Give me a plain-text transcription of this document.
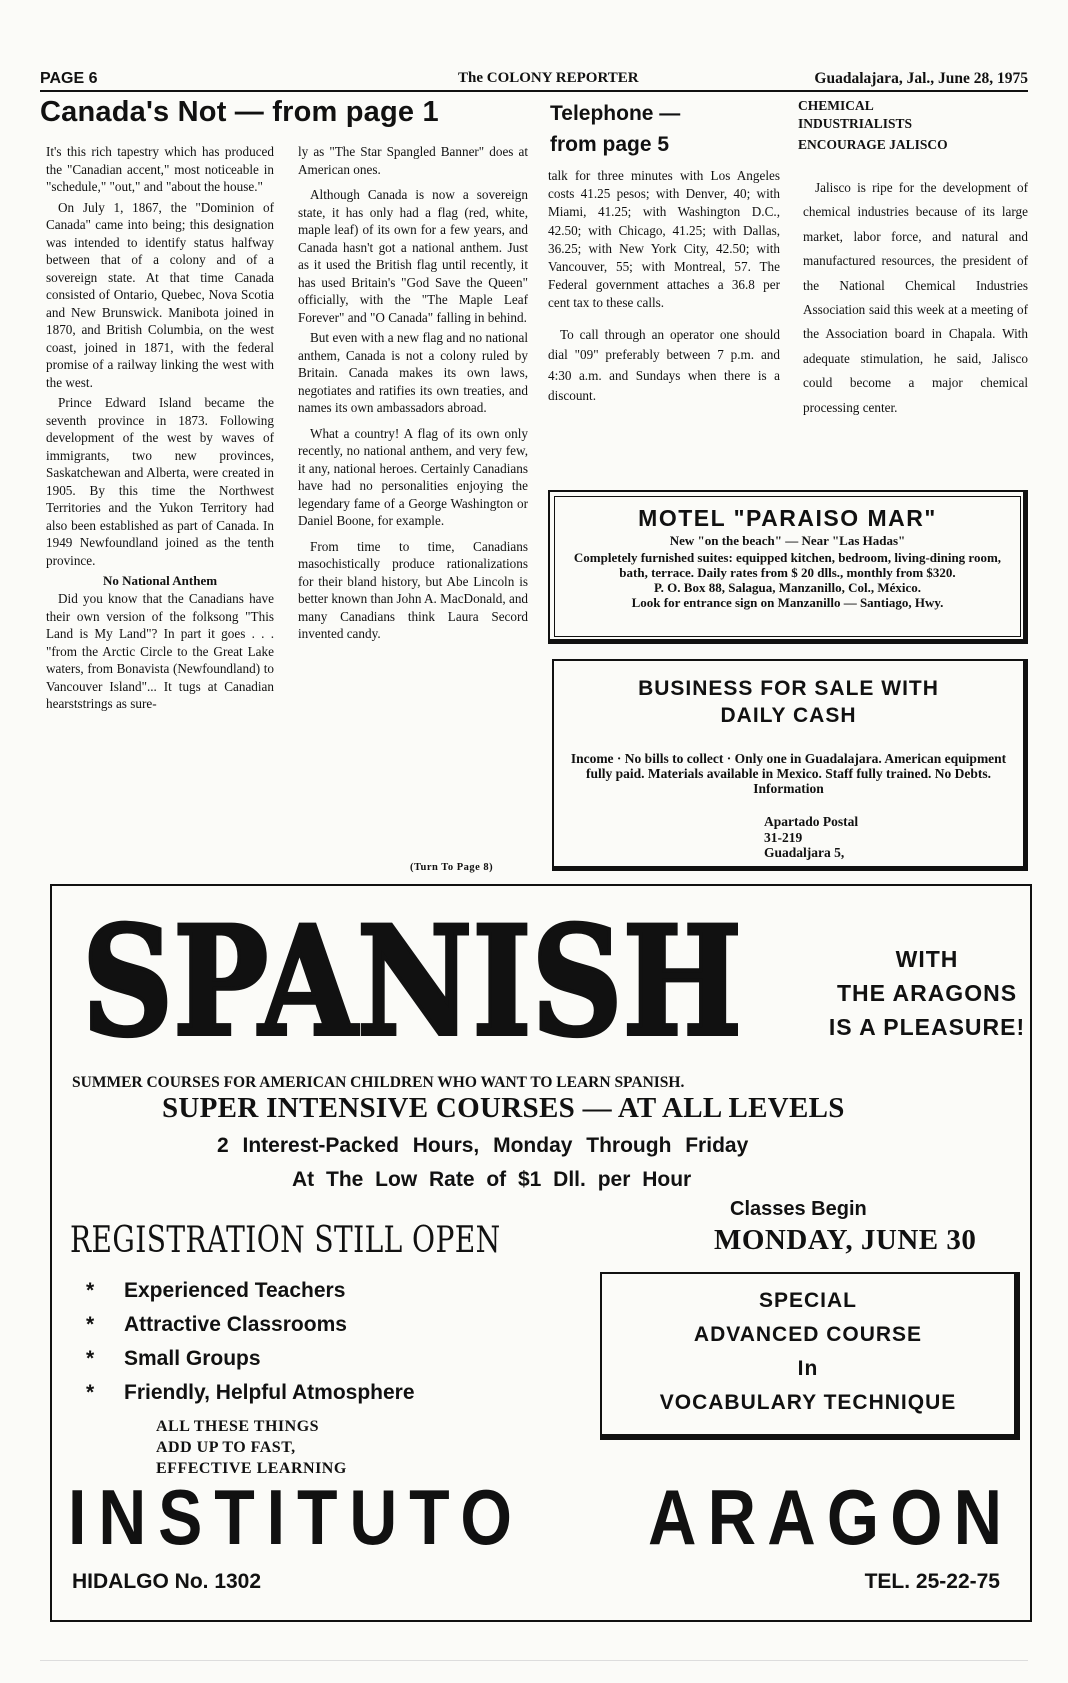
PAGE 6	The COLONY REPORTER	Guadalajara, Jal., June 28, 1975
Canada's Not — from page 1

It's this rich tapestry which has produced the "Canadian accent," most noticeable in "schedule," "out," and "about the house."

On July 1, 1867, the "Dominion of Canada" came into being; this designation was intended to identify status halfway between that of a colony and of a sovereign state. At that time Canada consisted of Ontario, Quebec, Nova Scotia and New Brunswick. Manibota joined in 1870, and British Columbia, on the west coast, joined in 1871, with the federal promise of a railway linking the west with the west.

Prince Edward Island became the seventh province in 1873. Following development of the west by waves of immigrants, two new provinces, Saskatchewan and Alberta, were created in 1905. By this time the Northwest Territories and the Yukon Territory had also been established as part of Canada. In 1949 Newfoundland joined as the tenth province.

No National Anthem

Did you know that the Canadians have their own version of the folksong "This Land is My Land"? In part it goes . . . "from the Arctic Circle to the Great Lake waters, from Bonavista (Newfoundland) to Vancouver Island"... It tugs at Canadian hearststrings as sure-

ly as "The Star Spangled Banner" does at American ones.

Although Canada is now a sovereign state, it has only had a flag (red, white, maple leaf) of its own for a few years, and Canada hasn't got a national anthem. Just as it used the British flag until recently, it has used Britain's "God Save the Queen" officially, with the "The Maple Leaf Forever" and "O Canada" falling in behind.

But even with a new flag and no national anthem, Canada is not a colony ruled by Britain. Canada makes its own laws, negotiates and ratifies its own treaties, and names its own ambassadors abroad.

What a country! A flag of its own only recently, no national anthem, and very few, it any, national heroes. Certainly Canadians have had no personalities enjoying the legendary fame of a George Washington or Daniel Boone, for example.

From time to time, Canadians masochistically produce rationalizations for their bland history, but Abe Lincoln is better known than John A. MacDonald, and many Canadians think Laura Secord invented candy.

(Turn To Page 8)
Telephone —
from page 5

talk for three minutes with Los Angeles costs 41.25 pesos; with Denver, 40; with Miami, 41.25; with Washington D.C., 42.50; with Chicago, 41.25; with Dallas, 36.25; with New York City, 42.50; with Vancouver, 55; with Montreal, 57. The Federal government attaches a 36.8 per cent tax to these calls.

To call through an operator one should dial "09" preferably between 7 p.m. and 4:30 a.m. and Sundays when there is a discount.

CHEMICAL
INDUSTRIALISTS
ENCOURAGE JALISCO

Jalisco is ripe for the development of chemical industries because of its large market, labor force, and natural and manufactured resources, the president of the National Chemical Industries Association said this week at a meeting of the Association board in Chapala. With adequate stimulation, he said, Jalisco could become a major chemical processing center.

MOTEL "PARAISO MAR"
New "on the beach" — Near "Las Hadas"
Completely furnished suites: equipped kitchen, bedroom, living-dining room, bath, terrace. Daily rates from $ 20 dlls., monthly from $320.
P. O. Box 88, Salagua, Manzanillo, Col., México.
Look for entrance sign on Manzanillo — Santiago, Hwy.
BUSINESS FOR SALE WITH
DAILY CASH
Income · No bills to collect · Only one in Guadalajara. American equipment fully paid. Materials available in Mexico. Staff fully trained. No Debts. Information
Apartado Postal
31-219
Guadaljara 5,
SPANISH	WITH
THE ARAGONS
IS A PLEASURE!
SUMMER COURSES FOR AMERICAN CHILDREN WHO WANT TO LEARN SPANISH.
SUPER INTENSIVE COURSES — AT ALL LEVELS
2 Interest-Packed Hours, Monday Through Friday
At The Low Rate of $1 Dll. per Hour
Classes Begin
MONDAY, JUNE 30
REGISTRATION STILL OPEN
*	Experienced Teachers
*	Attractive Classrooms
*	Small Groups
*	Friendly, Helpful Atmosphere
ALL THESE THINGS
ADD UP TO FAST,
EFFECTIVE LEARNING
SPECIAL
ADVANCED COURSE
In
VOCABULARY TECHNIQUE
INSTITUTO ARAGON
HIDALGO No. 1302	TEL. 25-22-75
